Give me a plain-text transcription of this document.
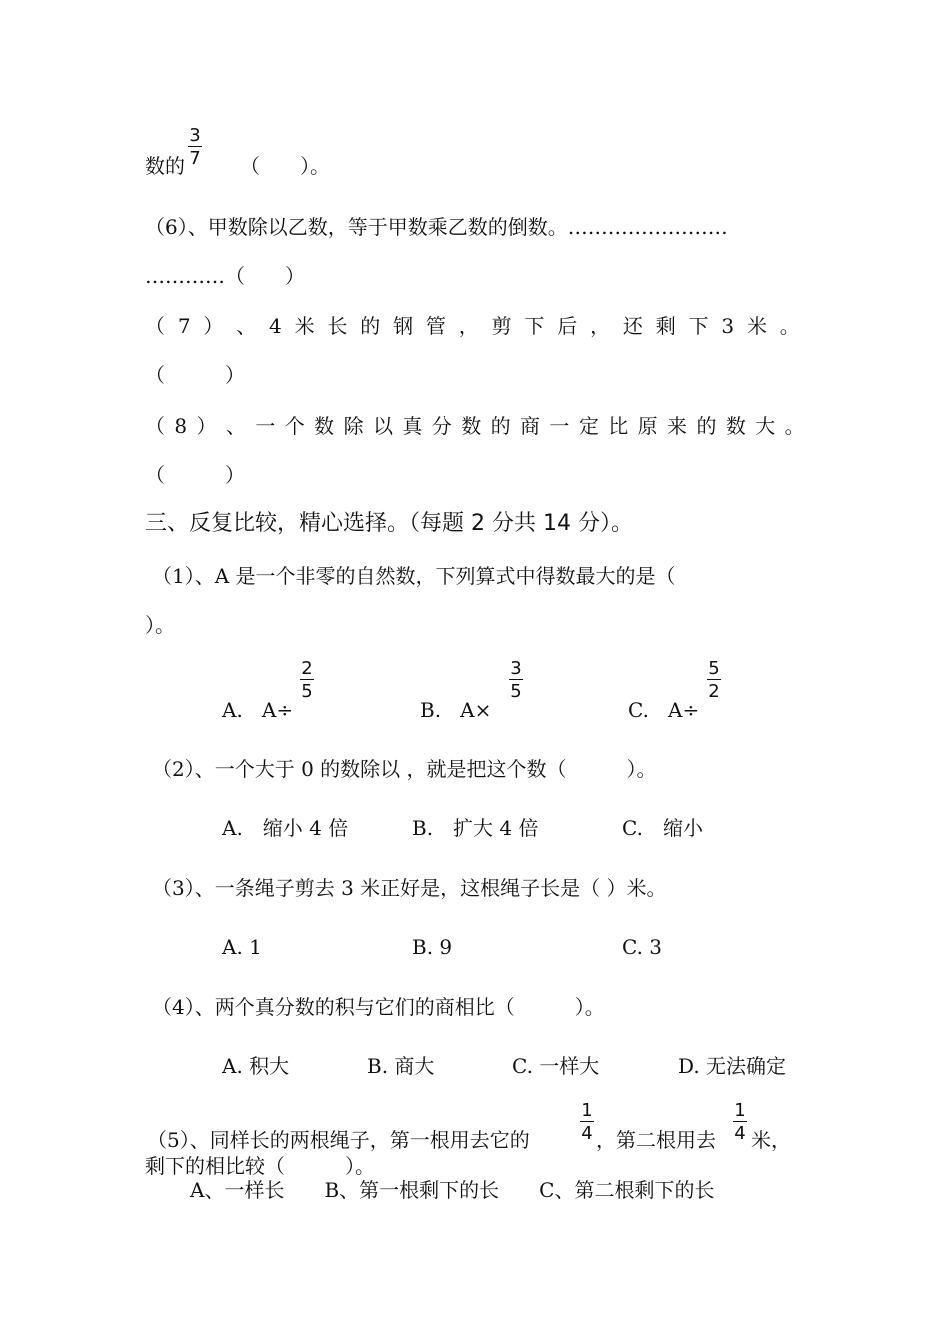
3
7
数的	（　　）。
（6）、甲数除以乙数，等于甲数乘乙数的倒数。……………………
…………（　　）
（ 7 ） 、 4 米 长 的 钢 管 ， 剪 下 后 ， 还 剩 下 3 米 。
（　　　）
（ 8 ） 、 一 个 数 除 以 真 分 数 的 商 一 定 比 原 来 的 数 大 。
（　　　）
三、反复比较，精心选择。（每题 2 分共 14 分）。
（1）、A 是一个非零的自然数，下列算式中得数最大的是（
）。
A. A÷
2
5
B. A×
3
5
C. A÷
5
2
（2）、一个大于 0 的数除以 ，就是把这个数（　　　）。
A.　缩小 4 倍	B.　扩大 4 倍	C.　缩小
（3）、一条绳子剪去 3 米正好是，这根绳子长是（ ）米。
A. 1	B. 9	C. 3
（4）、两个真分数的积与它们的商相比（　　　）。
A. 积大	B. 商大	C. 一样大	D. 无法确定
（5）、同样长的两根绳子，第一根用去它的
1
4 ，第二根用去
1
4 米，
剩下的相比较（　　　）。
A、一样长　　B、第一根剩下的长　　C、第二根剩下的长
